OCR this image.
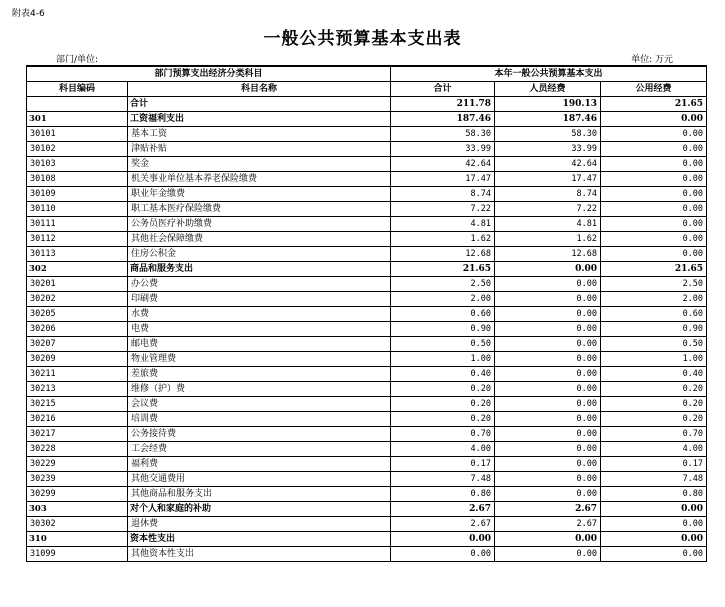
附表4-6
一般公共预算基本支出表
部门/单位:	单位: 万元
部门预算支出经济分类科目		本年一般公共预算基本支出		
科目编码	科目名称	合计	人员经费	公用经费
	合计	211.78	190.13	21.65
301	工资福利支出	187.46	187.46	0.00
30101	基本工资	58.30	58.30	0.00
30102	津贴补贴	33.99	33.99	0.00
30103	奖金	42.64	42.64	0.00
30108	机关事业单位基本养老保险缴费	17.47	17.47	0.00
30109	职业年金缴费	8.74	8.74	0.00
30110	职工基本医疗保险缴费	7.22	7.22	0.00
30111	公务员医疗补助缴费	4.81	4.81	0.00
30112	其他社会保障缴费	1.62	1.62	0.00
30113	住房公积金	12.68	12.68	0.00
302	商品和服务支出	21.65	0.00	21.65
30201	办公费	2.50	0.00	2.50
30202	印刷费	2.00	0.00	2.00
30205	水费	0.60	0.00	0.60
30206	电费	0.90	0.00	0.90
30207	邮电费	0.50	0.00	0.50
30209	物业管理费	1.00	0.00	1.00
30211	差旅费	0.40	0.00	0.40
30213	维修（护）费	0.20	0.00	0.20
30215	会议费	0.20	0.00	0.20
30216	培训费	0.20	0.00	0.20
30217	公务接待费	0.70	0.00	0.70
30228	工会经费	4.00	0.00	4.00
30229	福利费	0.17	0.00	0.17
30239	其他交通费用	7.48	0.00	7.48
30299	其他商品和服务支出	0.80	0.00	0.80
303	对个人和家庭的补助	2.67	2.67	0.00
30302	退休费	2.67	2.67	0.00
310	资本性支出	0.00	0.00	0.00
31099	其他资本性支出	0.00	0.00	0.00
